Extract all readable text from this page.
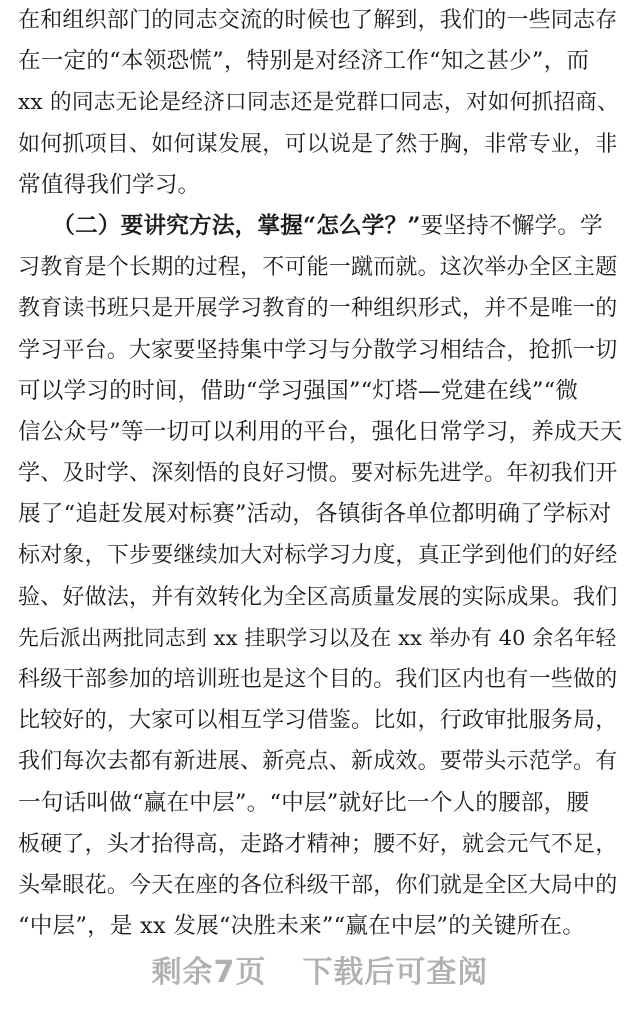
在和组织部门的同志交流的时候也了解到，我们的一些同志存
在一定的“本领恐慌”，特别是对经济工作“知之甚少”，而
xx 的同志无论是经济口同志还是党群口同志，对如何抓招商、
如何抓项目、如何谋发展，可以说是了然于胸，非常专业，非
常值得我们学习。
　　（二）要讲究方法，掌握“怎么学？”要坚持不懈学。学
习教育是个长期的过程，不可能一蹴而就。这次举办全区主题
教育读书班只是开展学习教育的一种组织形式，并不是唯一的
学习平台。大家要坚持集中学习与分散学习相结合，抢抓一切
可以学习的时间，借助“学习强国”“灯塔—党建在线”“微
信公众号”等一切可以利用的平台，强化日常学习，养成天天
学、及时学、深刻悟的良好习惯。要对标先进学。年初我们开
展了“追赶发展对标赛”活动，各镇街各单位都明确了学标对
标对象，下步要继续加大对标学习力度，真正学到他们的好经
验、好做法，并有效转化为全区高质量发展的实际成果。我们
先后派出两批同志到 xx 挂职学习以及在 xx 举办有 40 余名年轻
科级干部参加的培训班也是这个目的。我们区内也有一些做的
比较好的，大家可以相互学习借鉴。比如，行政审批服务局，
我们每次去都有新进展、新亮点、新成效。要带头示范学。有
一句话叫做“赢在中层”。“中层”就好比一个人的腰部，腰
板硬了，头才抬得高，走路才精神；腰不好，就会元气不足，
头晕眼花。今天在座的各位科级干部，你们就是全区大局中的
“中层”，是 xx 发展“决胜未来”“赢在中层”的关键所在。
剩余7页 下载后可查阅
